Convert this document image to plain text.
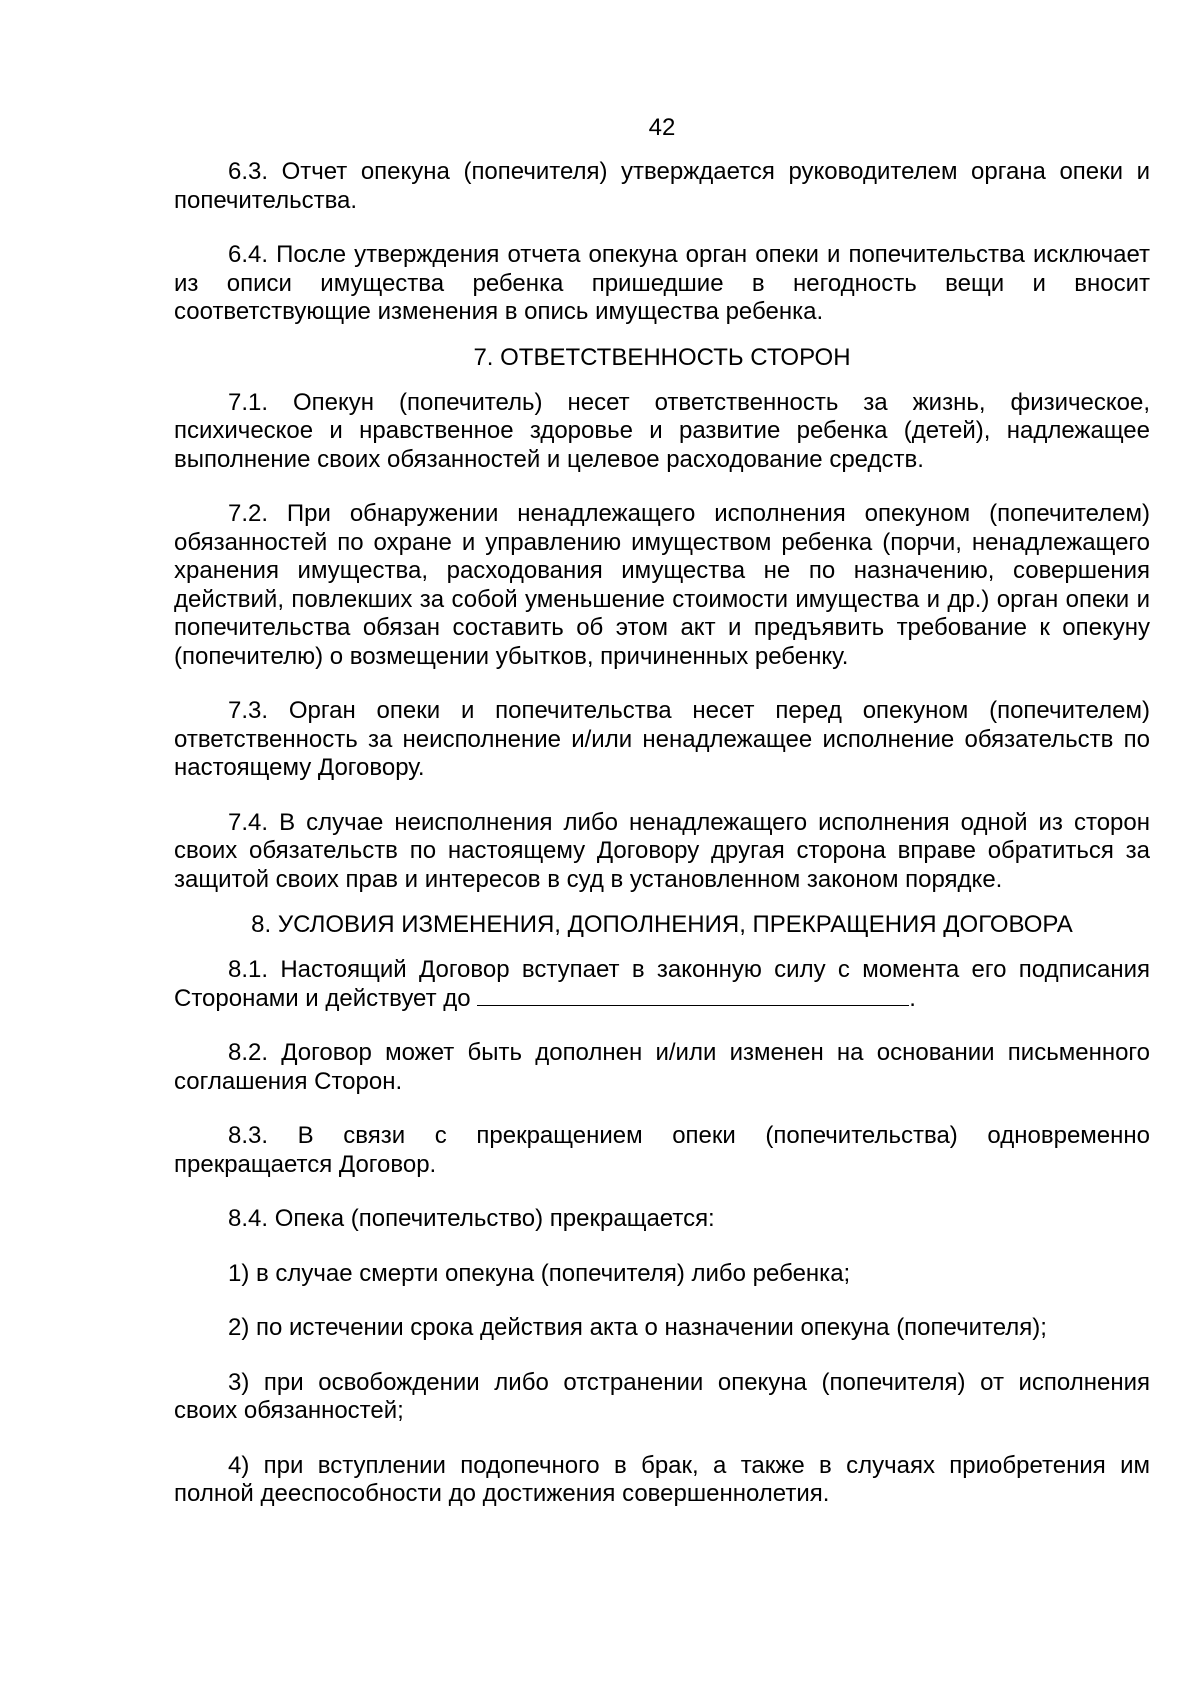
42

6.3. Отчет опекуна (попечителя) утверждается руководителем органа опеки и попечительства.

6.4. После утверждения отчета опекуна орган опеки и попечительства исключает из описи имущества ребенка пришедшие в негодность вещи и вносит соответствующие изменения в опись имущества ребенка.

7. ОТВЕТСТВЕННОСТЬ СТОРОН

7.1. Опекун (попечитель) несет ответственность за жизнь, физическое, психическое и нравственное здоровье и развитие ребенка (детей), надлежащее выполнение своих обязанностей и целевое расходование средств.

7.2. При обнаружении ненадлежащего исполнения опекуном (попечителем) обязанностей по охране и управлению имуществом ребенка (порчи, ненадлежащего хранения имущества, расходования имущества не по назначению, совершения действий, повлекших за собой уменьшение стоимости имущества и др.) орган опеки и попечительства обязан составить об этом акт и предъявить требование к опекуну (попечителю) о возмещении убытков, причиненных ребенку.

7.3. Орган опеки и попечительства несет перед опекуном (попечителем) ответственность за неисполнение и/или ненадлежащее исполнение обязательств по настоящему Договору.

7.4. В случае неисполнения либо ненадлежащего исполнения одной из сторон своих обязательств по настоящему Договору другая сторона вправе обратиться за защитой своих прав и интересов в суд в установленном законом порядке.

8. УСЛОВИЯ ИЗМЕНЕНИЯ, ДОПОЛНЕНИЯ, ПРЕКРАЩЕНИЯ ДОГОВОРА

8.1. Настоящий Договор вступает в законную силу с момента его подписания Сторонами и действует до	.

8.2. Договор может быть дополнен и/или изменен на основании письменного соглашения Сторон.

8.3. В связи с прекращением опеки (попечительства) одновременно прекращается Договор.

8.4. Опека (попечительство) прекращается:

1) в случае смерти опекуна (попечителя) либо ребенка;

2) по истечении срока действия акта о назначении опекуна (попечителя);

3) при освобождении либо отстранении опекуна (попечителя) от исполнения своих обязанностей;

4) при вступлении подопечного в брак, а также в случаях приобретения им полной дееспособности до достижения совершеннолетия.
